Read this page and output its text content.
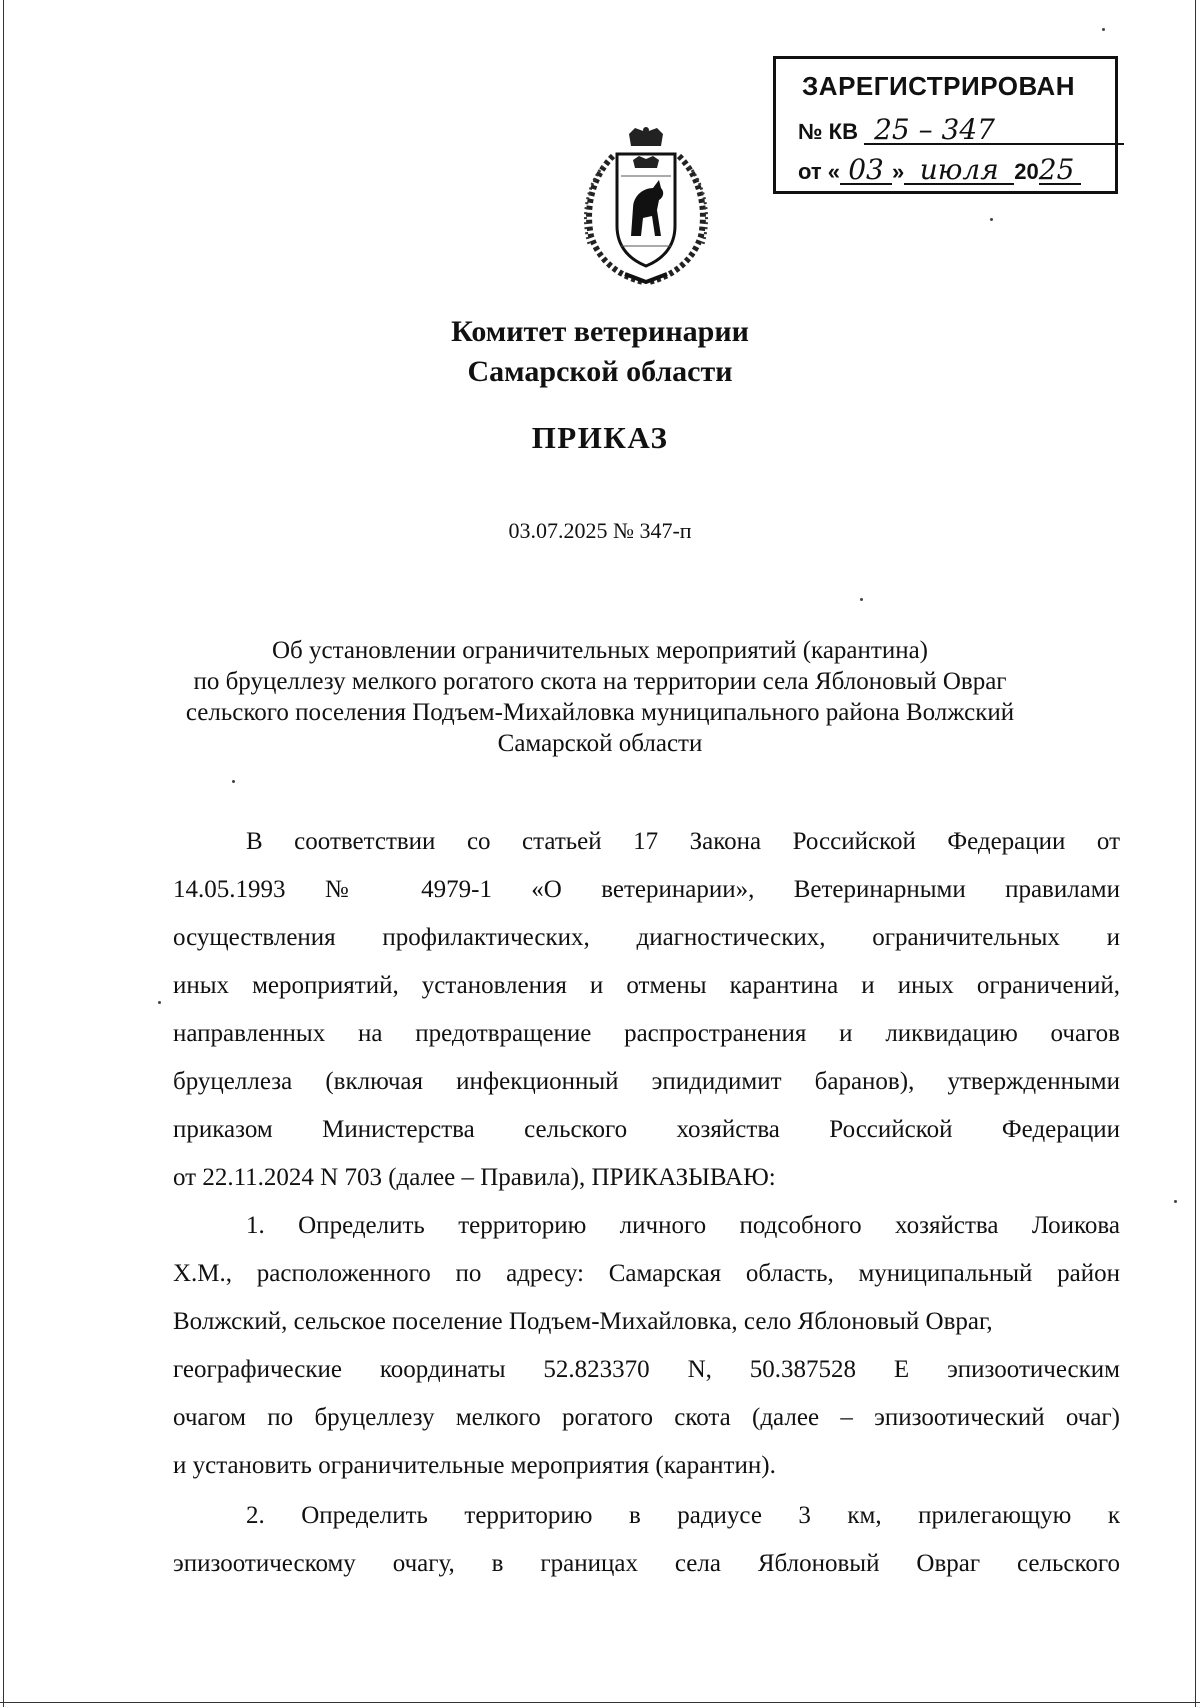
ЗАРЕГИСТРИРОВАН
№ КВ 25 – 347
от « 03 » июля 2025
Комитет ветеринарии
Самарской области
ПРИКАЗ
03.07.2025 № 347-п
Об установлении ограничительных мероприятий (карантина)
по бруцеллезу мелкого рогатого скота на территории села Яблоновый Овраг
сельского поселения Подъем-Михайловка муниципального района Волжский
Самарской области
В соответствии со статьей 17 Закона Российской Федерации от
14.05.1993 № 4979-1 «О ветеринарии», Ветеринарными правилами
осуществления профилактических, диагностических, ограничительных и
иных мероприятий, установления и отмены карантина и иных ограничений,
направленных на предотвращение распространения и ликвидацию очагов
бруцеллеза (включая инфекционный эпидидимит баранов), утвержденными
приказом Министерства сельского хозяйства Российской Федерации
от 22.11.2024 N 703 (далее – Правила), ПРИКАЗЫВАЮ:
1. Определить территорию личного подсобного хозяйства Лоикова
Х.М., расположенного по адресу: Самарская область, муниципальный район
Волжский, сельское поселение Подъем-Михайловка, село Яблоновый Овраг,
географические координаты 52.823370 N, 50.387528 E эпизоотическим
очагом по бруцеллезу мелкого рогатого скота (далее – эпизоотический очаг)
и установить ограничительные мероприятия (карантин).
2. Определить территорию в радиусе 3 км, прилегающую к
эпизоотическому очагу, в границах села Яблоновый Овраг сельского
